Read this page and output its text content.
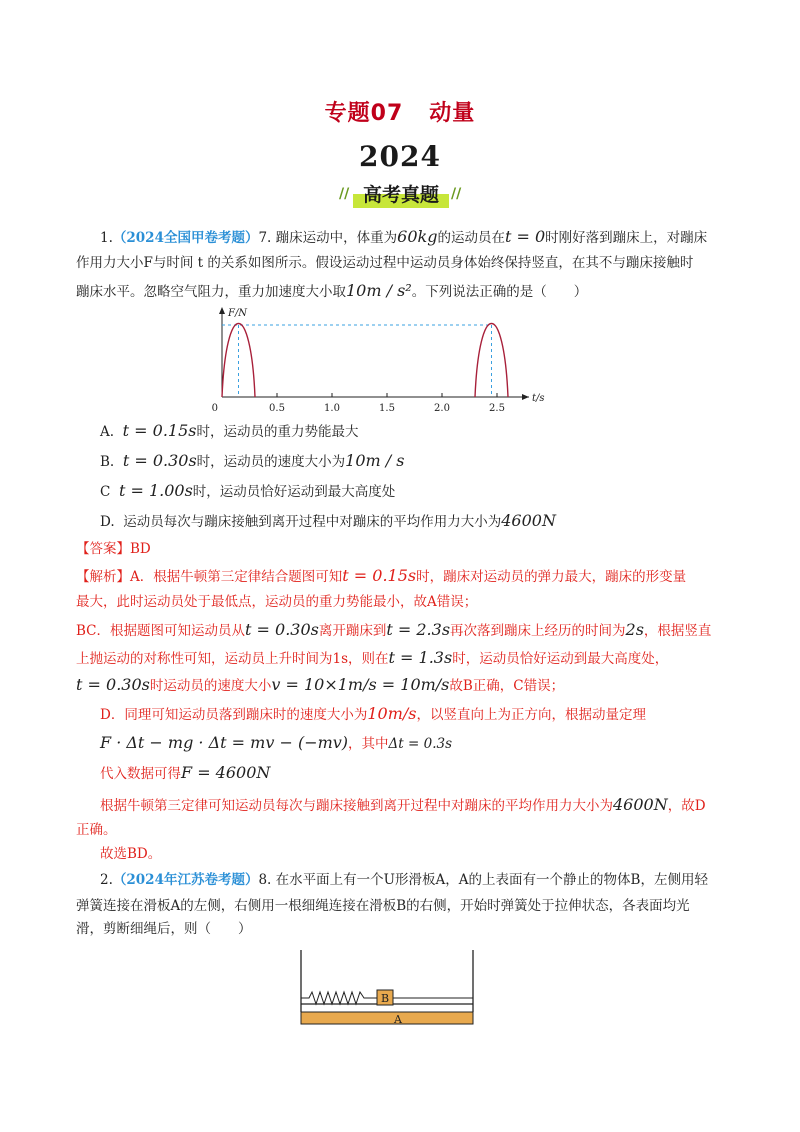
专题07 动量
2024
// 高考真题 //
1.（2024全国甲卷考题）7. 蹦床运动中，体重为60kg的运动员在t = 0时刚好落到蹦床上，对蹦床
作用力大小F与时间 t 的关系如图所示。假设运动过程中运动员身体始终保持竖直，在其不与蹦床接触时
蹦床水平。忽略空气阻力，重力加速度大小取10m / s²。下列说法正确的是（　　）
F/N
t/s
0	0.5	1.0	1.5	2.0	2.5
A. t = 0.15s时，运动员的重力势能最大
B. t = 0.30s时，运动员的速度大小为10m / s
C t = 1.00s时，运动员恰好运动到最大高度处
D. 运动员每次与蹦床接触到离开过程中对蹦床的平均作用力大小为4600N
【答案】BD
【解析】A．根据牛顿第三定律结合题图可知t = 0.15s时，蹦床对运动员的弹力最大，蹦床的形变量
最大，此时运动员处于最低点，运动员的重力势能最小，故A错误；
BC．根据题图可知运动员从t = 0.30s离开蹦床到t = 2.3s再次落到蹦床上经历的时间为2s，根据竖直
上抛运动的对称性可知，运动员上升时间为1s，则在t = 1.3s时，运动员恰好运动到最大高度处，
t = 0.30s时运动员的速度大小v = 10×1m/s = 10m/s故B正确，C错误；
D．同理可知运动员落到蹦床时的速度大小为10m/s，以竖直向上为正方向，根据动量定理
F · Δt − mg · Δt = mv − (−mv)，其中Δt = 0.3s
代入数据可得F = 4600N
根据牛顿第三定律可知运动员每次与蹦床接触到离开过程中对蹦床的平均作用力大小为4600N，故D
正确。
故选BD。
2.（2024年江苏卷考题）8. 在水平面上有一个U形滑板A，A的上表面有一个静止的物体B，左侧用轻
弹簧连接在滑板A的左侧，右侧用一根细绳连接在滑板B的右侧，开始时弹簧处于拉伸状态，各表面均光
滑，剪断细绳后，则（　　）
A
B
